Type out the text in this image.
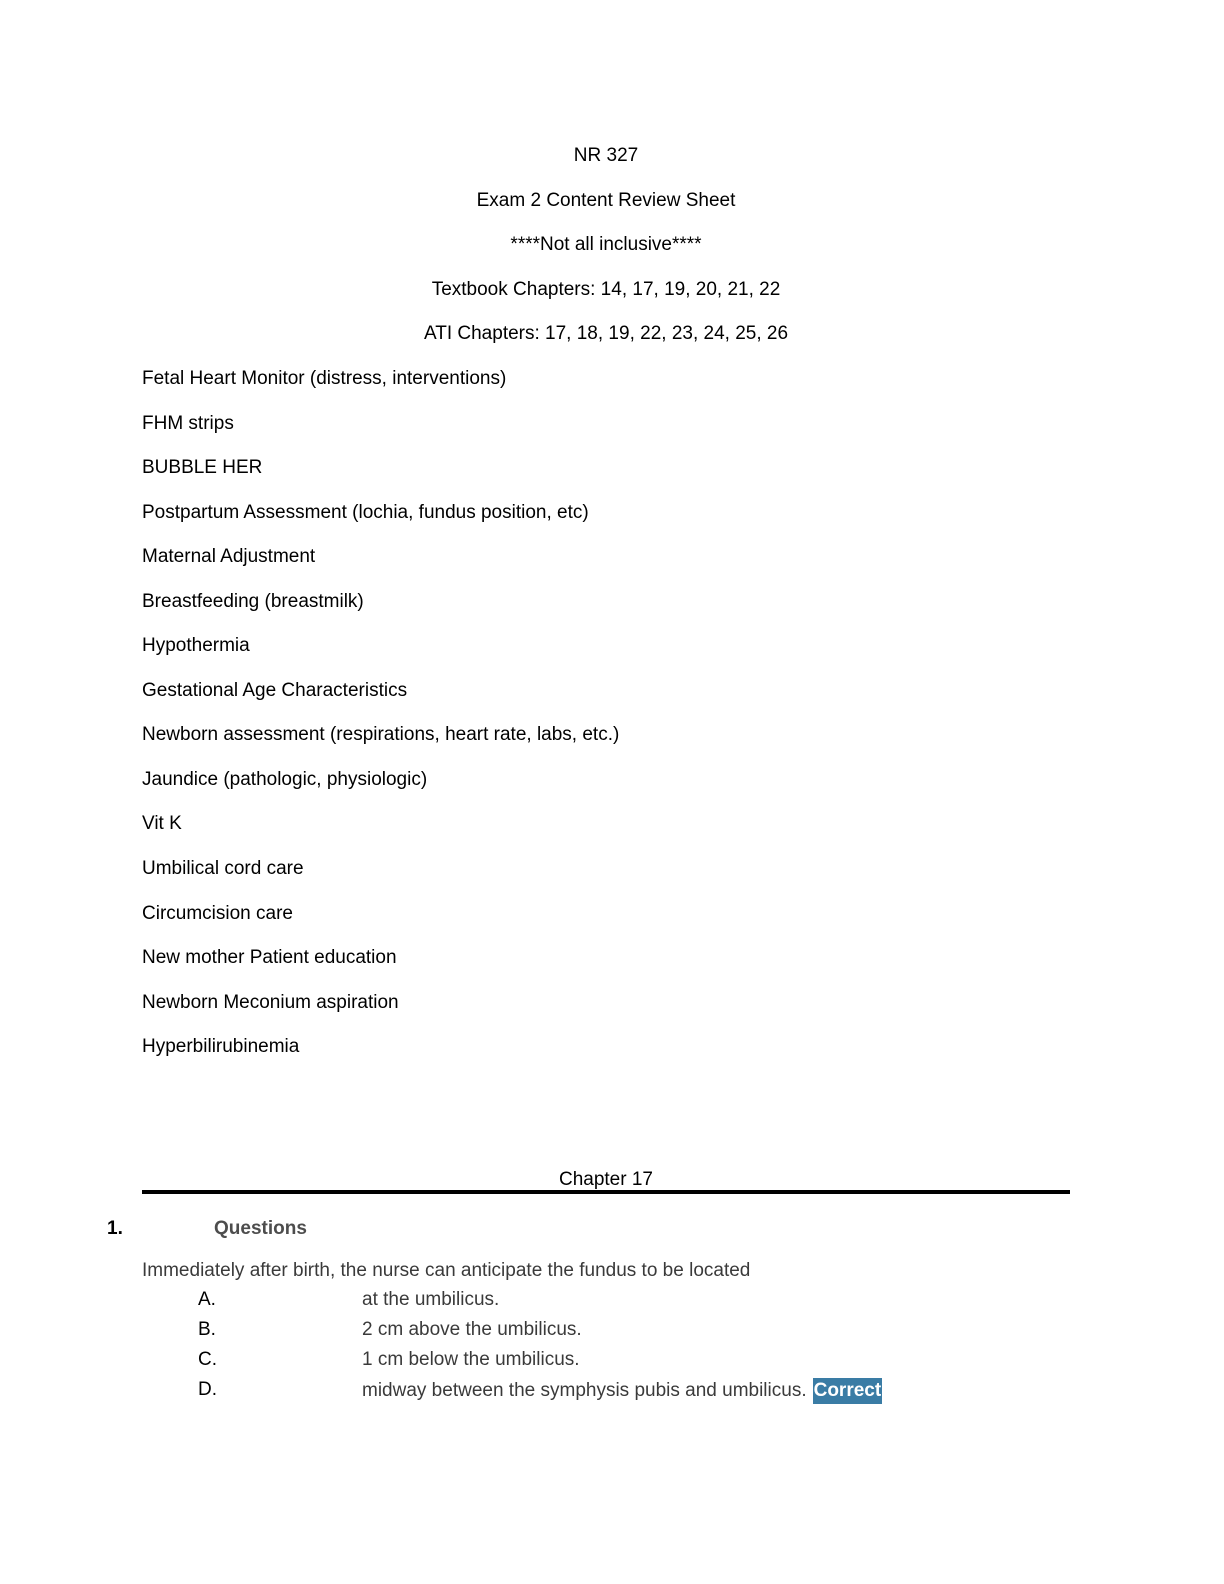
NR 327
Exam 2 Content Review Sheet
****Not all inclusive****
Textbook Chapters: 14, 17, 19, 20, 21, 22
ATI Chapters: 17, 18, 19, 22, 23, 24, 25, 26
Fetal Heart Monitor (distress, interventions)
FHM strips
BUBBLE HER
Postpartum Assessment (lochia, fundus position, etc)
Maternal Adjustment
Breastfeeding (breastmilk)
Hypothermia
Gestational Age Characteristics
Newborn assessment (respirations, heart rate, labs, etc.)
Jaundice (pathologic, physiologic)
Vit K
Umbilical cord care
Circumcision care
New mother Patient education
Newborn Meconium aspiration
Hyperbilirubinemia
Chapter 17
1.	Questions
Immediately after birth, the nurse can anticipate the fundus to be located
A.	at the umbilicus.
B.	2 cm above the umbilicus.
C.	1 cm below the umbilicus.
D.	midway between the symphysis pubis and umbilicus. Correct
